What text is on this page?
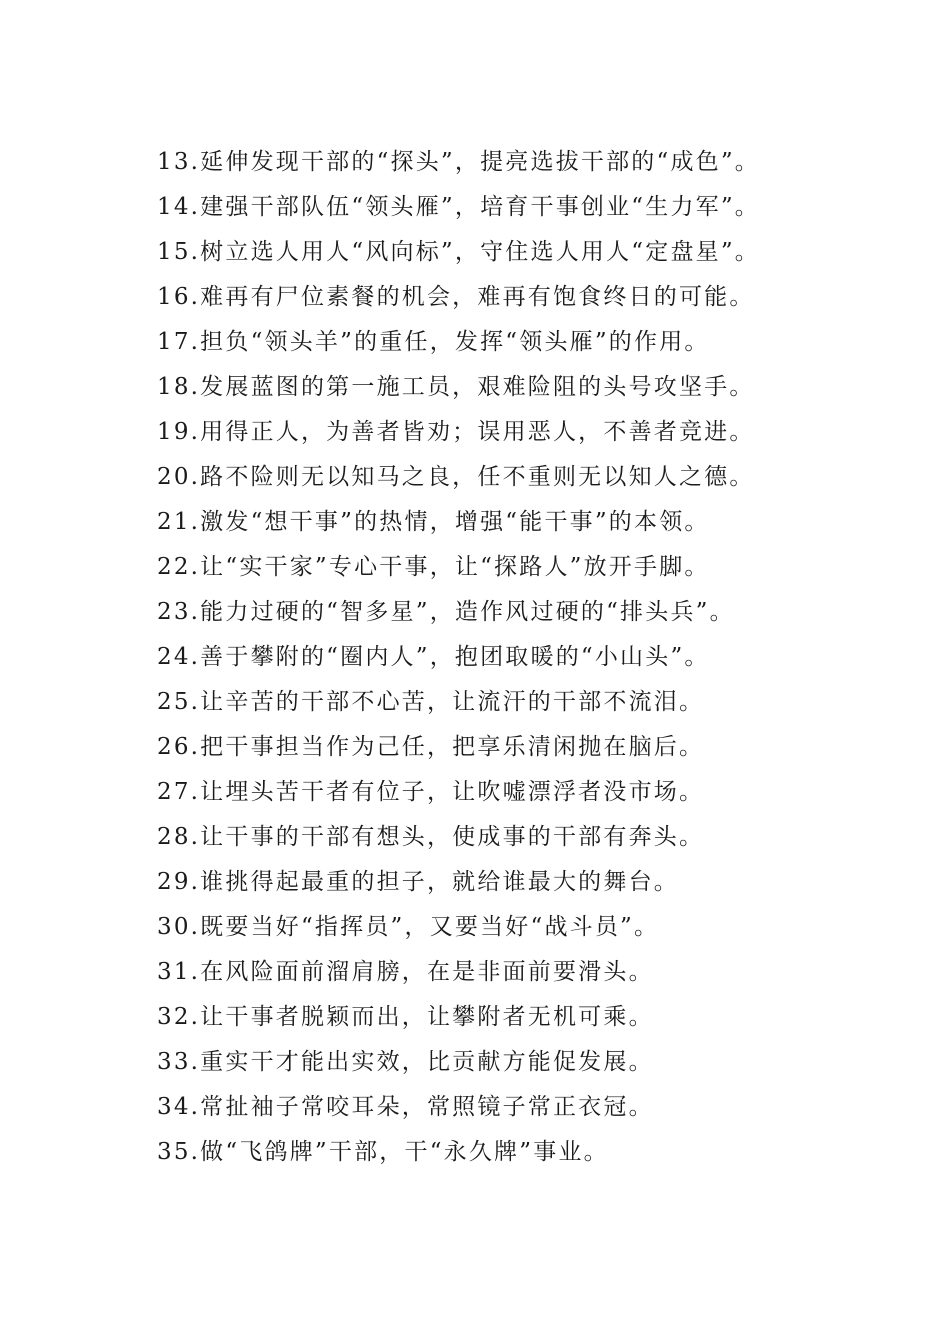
13.延伸发现干部的“探头”，提亮选拔干部的“成色”。
14.建强干部队伍“领头雁”，培育干事创业“生力军”。
15.树立选人用人“风向标”，守住选人用人“定盘星”。
16.难再有尸位素餐的机会，难再有饱食终日的可能。
17.担负“领头羊”的重任，发挥“领头雁”的作用。
18.发展蓝图的第一施工员，艰难险阻的头号攻坚手。
19.用得正人，为善者皆劝；误用恶人，不善者竞进。
20.路不险则无以知马之良，任不重则无以知人之德。
21.激发“想干事”的热情，增强“能干事”的本领。
22.让“实干家”专心干事，让“探路人”放开手脚。
23.能力过硬的“智多星”，造作风过硬的“排头兵”。
24.善于攀附的“圈内人”，抱团取暖的“小山头”。
25.让辛苦的干部不心苦，让流汗的干部不流泪。
26.把干事担当作为己任，把享乐清闲抛在脑后。
27.让埋头苦干者有位子，让吹嘘漂浮者没市场。
28.让干事的干部有想头，使成事的干部有奔头。
29.谁挑得起最重的担子，就给谁最大的舞台。
30.既要当好“指挥员”，又要当好“战斗员”。
31.在风险面前溜肩膀，在是非面前要滑头。
32.让干事者脱颖而出，让攀附者无机可乘。
33.重实干才能出实效，比贡献方能促发展。
34.常扯袖子常咬耳朵，常照镜子常正衣冠。
35.做“飞鸽牌”干部，干“永久牌”事业。
